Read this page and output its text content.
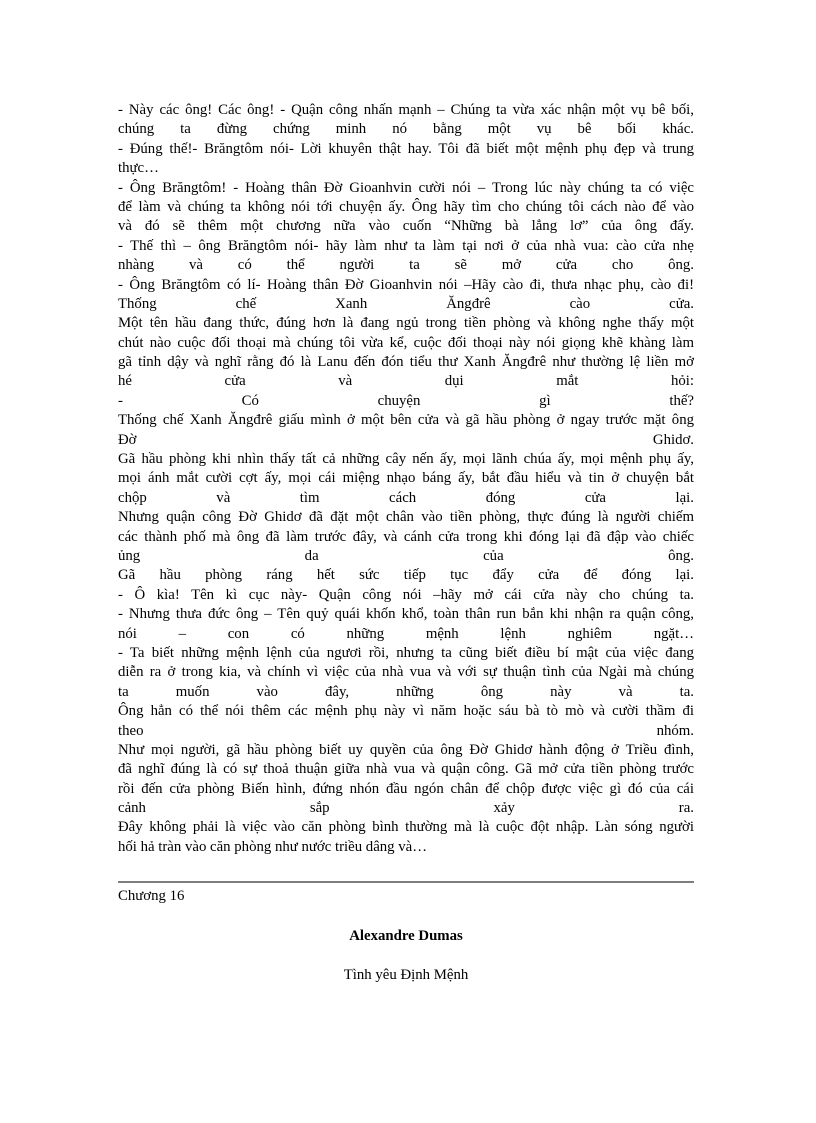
- Này các ông! Các ông! - Quận công nhấn mạnh – Chúng ta vừa xác nhận một vụ bê bối,
chúng ta đừng chứng minh nó bằng một vụ bê bối khác.
- Đúng thế!- Brăngtôm nói- Lời khuyên thật hay. Tôi đã biết một mệnh phụ đẹp và trung
thực…
- Ông Brăngtôm! - Hoàng thân Đờ Gioanhvin cười nói – Trong lúc này chúng ta có việc
để làm và chúng ta không nói tới chuyện ấy. Ông hãy tìm cho chúng tôi cách nào để vào
và đó sẽ thêm một chương nữa vào cuốn “Những bà lẳng lơ” của ông đấy.
- Thế thì – ông Brăngtôm nói- hãy làm như ta làm tại nơi ở của nhà vua: cào cửa nhẹ
nhàng và có thể người ta sẽ mở cửa cho ông.
- Ông Brăngtôm có lí- Hoàng thân Đờ Gioanhvin nói –Hãy cào đi, thưa nhạc phụ, cào đi!
Thống chế Xanh Ăngđrê cào cửa.
Một tên hầu đang thức, đúng hơn là đang ngủ trong tiền phòng và không nghe thấy một
chút nào cuộc đối thoại mà chúng tôi vừa kể, cuộc đối thoại này nói giọng khẽ khàng làm
gã tỉnh dậy và nghĩ rằng đó là Lanu đến đón tiểu thư Xanh Ăngđrê như thường lệ liền mở
hé cửa và dụi mắt hỏi:
- Có chuyện gì thế?
Thống chế Xanh Ăngđrê giấu mình ở một bên cửa và gã hầu phòng ở ngay trước mặt ông
Đờ Ghidơ.
Gã hầu phòng khi nhìn thấy tất cả những cây nến ấy, mọi lãnh chúa ấy, mọi mệnh phụ ấy,
mọi ánh mắt cười cợt ấy, mọi cái miệng nhạo báng ấy, bắt đầu hiểu và tin ở chuyện bắt
chộp và tìm cách đóng cửa lại.
Nhưng quận công Đờ Ghidơ đã đặt một chân vào tiền phòng, thực đúng là người chiếm
các thành phố mà ông đã làm trước đây, và cánh cửa trong khi đóng lại đã đập vào chiếc
ủng da của ông.
Gã hầu phòng ráng hết sức tiếp tục đẩy cửa để đóng lại.
- Ô kìa! Tên kì cục này- Quận công nói –hãy mở cái cửa này cho chúng ta.
- Nhưng thưa đức ông – Tên quỷ quái khốn khổ, toàn thân run bắn khi nhận ra quận công,
nói – con có những mệnh lệnh nghiêm ngặt…
- Ta biết những mệnh lệnh của ngươi rồi, nhưng ta cũng biết điều bí mật của việc đang
diễn ra ở trong kia, và chính vì việc của nhà vua và với sự thuận tình của Ngài mà chúng
ta muốn vào đây, những ông này và ta.
Ông hẳn có thể nói thêm các mệnh phụ này vì năm hoặc sáu bà tò mò và cười thầm đi
theo nhóm.
Như mọi người, gã hầu phòng biết uy quyền của ông Đờ Ghidơ hành động ở Triều đình,
đã nghĩ đúng là có sự thoả thuận giữa nhà vua và quận công. Gã mở cửa tiền phòng trước
rồi đến cửa phòng Biến hình, đứng nhón đầu ngón chân để chộp được việc gì đó của cái
cảnh sắp xảy ra.
Đây không phải là việc vào căn phòng bình thường mà là cuộc đột nhập. Làn sóng người
hối hả tràn vào căn phòng như nước triều dâng và…
Chương 16
Alexandre Dumas
Tình yêu Định Mệnh
